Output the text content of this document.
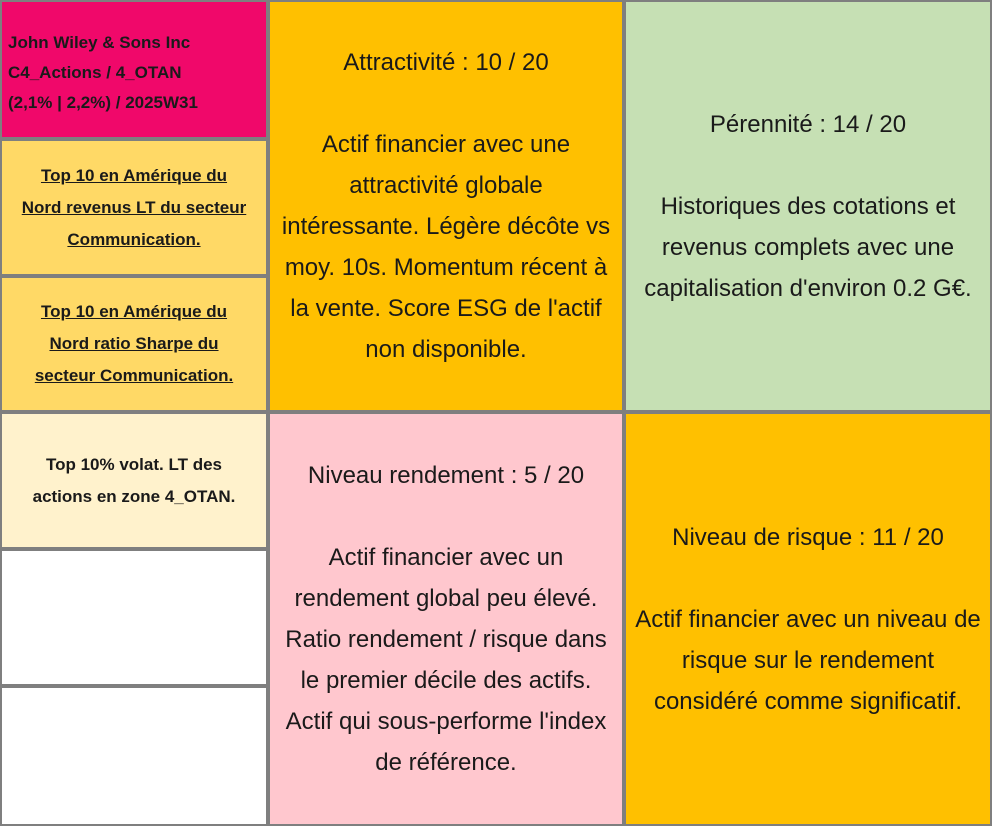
John Wiley & Sons Inc
C4_Actions / 4_OTAN
(2,1% | 2,2%) / 2025W31
Top 10 en Amérique du
Nord revenus LT du secteur
Communication.
Top 10 en Amérique du
Nord ratio Sharpe du
secteur Communication.
Top 10% volat. LT des
actions en zone 4_OTAN.
Attractivité : 10 / 20
Actif financier avec une
attractivité globale
intéressante. Légère décôte vs
moy. 10s. Momentum récent à
la vente. Score ESG de l'actif
non disponible.
Pérennité : 14 / 20
Historiques des cotations et
revenus complets avec une
capitalisation d'environ 0.2 G€.
Niveau rendement : 5 / 20
Actif financier avec un
rendement global peu élevé.
Ratio rendement / risque dans
le premier décile des actifs.
Actif qui sous-performe l'index
de référence.
Niveau de risque : 11 / 20
Actif financier avec un niveau de
risque sur le rendement
considéré comme significatif.
